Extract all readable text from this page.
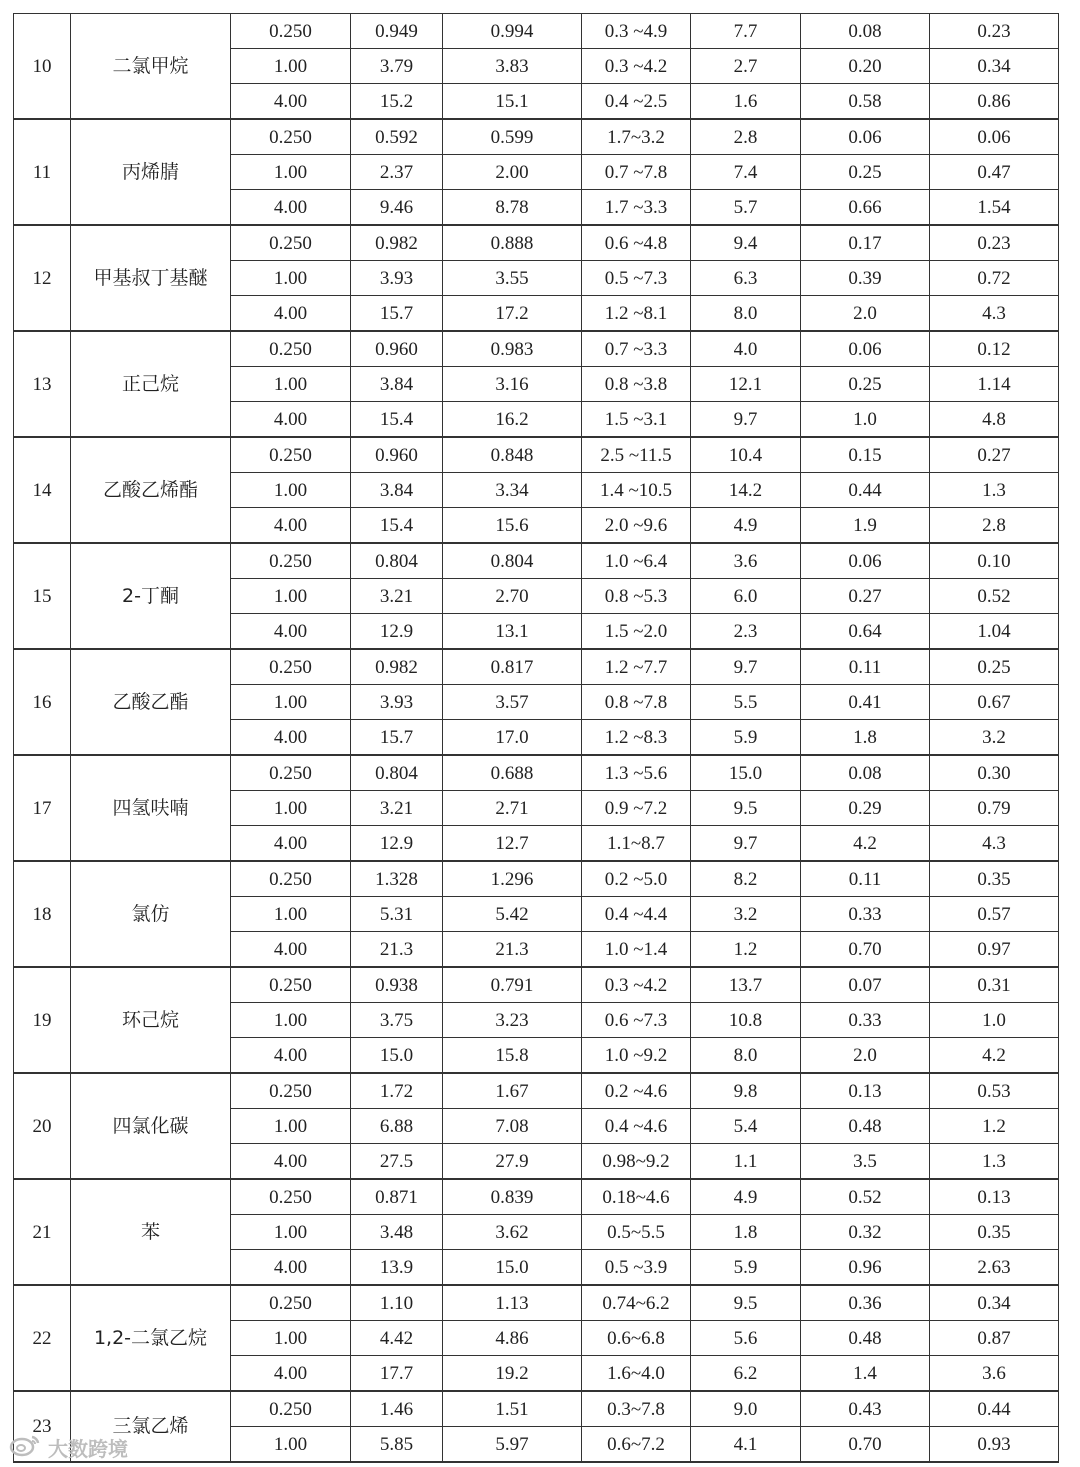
10	二氯甲烷	0.250	0.949	0.994	0.3 ~4.9	7.7	0.08	0.23
		1.00	3.79	3.83	0.3 ~4.2	2.7	0.20	0.34
		4.00	15.2	15.1	0.4 ~2.5	1.6	0.58	0.86
11	丙烯腈	0.250	0.592	0.599	1.7~3.2	2.8	0.06	0.06
		1.00	2.37	2.00	0.7 ~7.8	7.4	0.25	0.47
		4.00	9.46	8.78	1.7 ~3.3	5.7	0.66	1.54
12	甲基叔丁基醚	0.250	0.982	0.888	0.6 ~4.8	9.4	0.17	0.23
		1.00	3.93	3.55	0.5 ~7.3	6.3	0.39	0.72
		4.00	15.7	17.2	1.2 ~8.1	8.0	2.0	4.3
13	正己烷	0.250	0.960	0.983	0.7 ~3.3	4.0	0.06	0.12
		1.00	3.84	3.16	0.8 ~3.8	12.1	0.25	1.14
		4.00	15.4	16.2	1.5 ~3.1	9.7	1.0	4.8
14	乙酸乙烯酯	0.250	0.960	0.848	2.5 ~11.5	10.4	0.15	0.27
		1.00	3.84	3.34	1.4 ~10.5	14.2	0.44	1.3
		4.00	15.4	15.6	2.0 ~9.6	4.9	1.9	2.8
15	2-丁酮	0.250	0.804	0.804	1.0 ~6.4	3.6	0.06	0.10
		1.00	3.21	2.70	0.8 ~5.3	6.0	0.27	0.52
		4.00	12.9	13.1	1.5 ~2.0	2.3	0.64	1.04
16	乙酸乙酯	0.250	0.982	0.817	1.2 ~7.7	9.7	0.11	0.25
		1.00	3.93	3.57	0.8 ~7.8	5.5	0.41	0.67
		4.00	15.7	17.0	1.2 ~8.3	5.9	1.8	3.2
17	四氢呋喃	0.250	0.804	0.688	1.3 ~5.6	15.0	0.08	0.30
		1.00	3.21	2.71	0.9 ~7.2	9.5	0.29	0.79
		4.00	12.9	12.7	1.1~8.7	9.7	4.2	4.3
18	氯仿	0.250	1.328	1.296	0.2 ~5.0	8.2	0.11	0.35
		1.00	5.31	5.42	0.4 ~4.4	3.2	0.33	0.57
		4.00	21.3	21.3	1.0 ~1.4	1.2	0.70	0.97
19	环己烷	0.250	0.938	0.791	0.3 ~4.2	13.7	0.07	0.31
		1.00	3.75	3.23	0.6 ~7.3	10.8	0.33	1.0
		4.00	15.0	15.8	1.0 ~9.2	8.0	2.0	4.2
20	四氯化碳	0.250	1.72	1.67	0.2 ~4.6	9.8	0.13	0.53
		1.00	6.88	7.08	0.4 ~4.6	5.4	0.48	1.2
		4.00	27.5	27.9	0.98~9.2	1.1	3.5	1.3
21	苯	0.250	0.871	0.839	0.18~4.6	4.9	0.52	0.13
		1.00	3.48	3.62	0.5~5.5	1.8	0.32	0.35
		4.00	13.9	15.0	0.5 ~3.9	5.9	0.96	2.63
22	1,2-二氯乙烷	0.250	1.10	1.13	0.74~6.2	9.5	0.36	0.34
		1.00	4.42	4.86	0.6~6.8	5.6	0.48	0.87
		4.00	17.7	19.2	1.6~4.0	6.2	1.4	3.6
23	三氯乙烯	0.250	1.46	1.51	0.3~7.8	9.0	0.43	0.44
		1.00	5.85	5.97	0.6~7.2	4.1	0.70	0.93
大数跨境
